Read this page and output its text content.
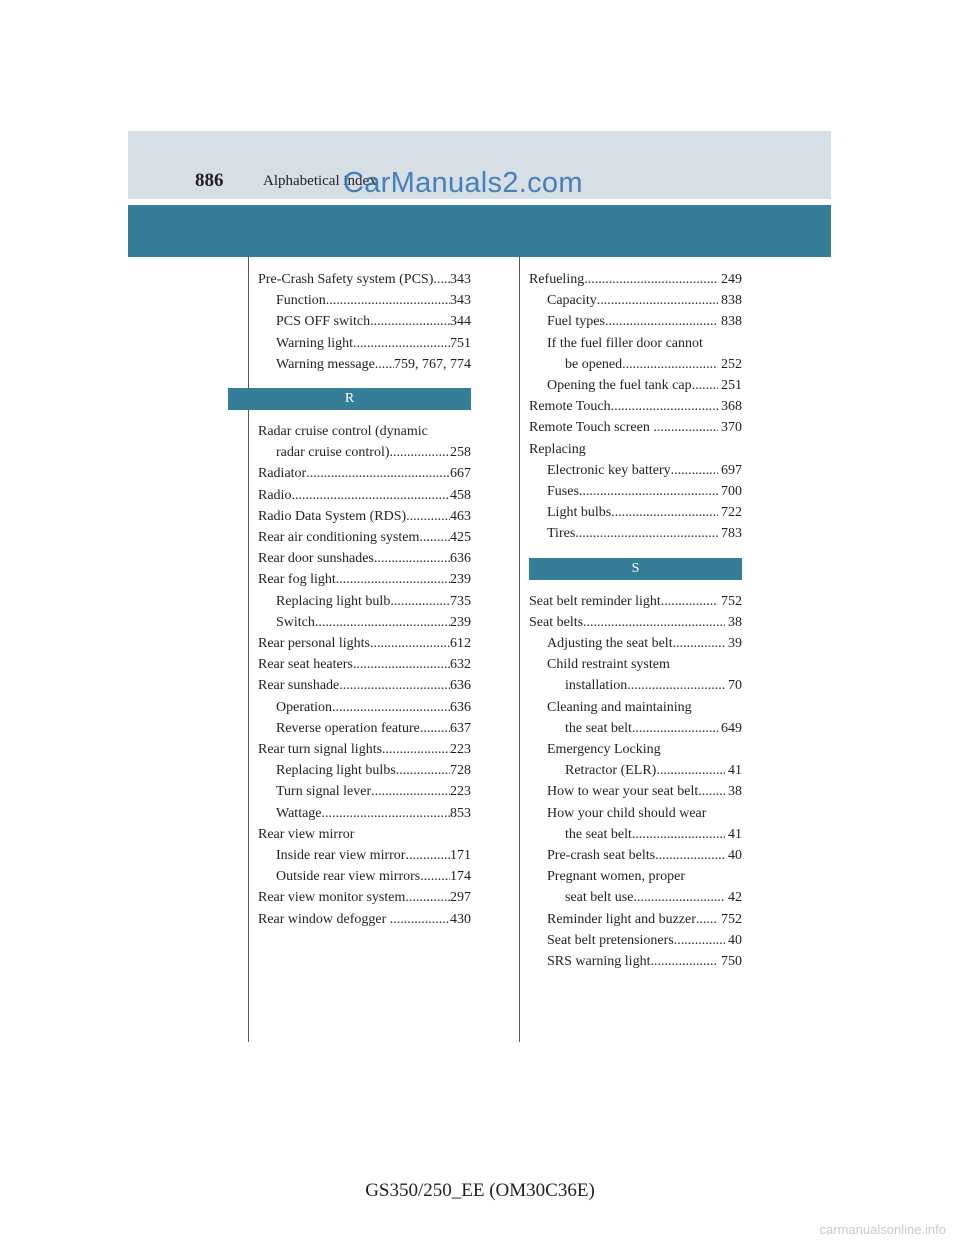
886	Alphabetical index
CarManuals2.com
Pre-Crash Safety system (PCS) ..... 343
Function .....	343
PCS OFF switch .....	344
Warning light .....	751
Warning message ..... 759, 767, 774
R
Radar cruise control (dynamic
radar cruise control) .....	258
Radiator .....	667
Radio .....	458
Radio Data System (RDS) .....	463
Rear air conditioning system ..... 425
Rear door sunshades .....	636
Rear fog light .....	239
Replacing light bulb .....	735
Switch .....	239
Rear personal lights .....	612
Rear seat heaters .....	632
Rear sunshade .....	636
Operation .....	636
Reverse operation feature ..... 637
Rear turn signal lights .....	223
Replacing light bulbs .....	728
Turn signal lever .....	223
Wattage .....	853
Rear view mirror
Inside rear view mirror .....	171
Outside rear view mirrors ..... 174
Rear view monitor system .....	297
Rear window defogger .....	430
Refueling .....	249
Capacity .....	838
Fuel types .....	838
If the fuel filler door cannot
be opened .....	252
Opening the fuel tank cap ..... 251
Remote Touch .....	368
Remote Touch screen .....	370
Replacing
Electronic key battery .....	697
Fuses .....	700
Light bulbs .....	722
Tires .....	783
S
Seat belt reminder light .....	752
Seat belts .....	38
Adjusting the seat belt .....	39
Child restraint system
installation .....	70
Cleaning and maintaining
the seat belt .....	649
Emergency Locking
Retractor (ELR) .....	41
How to wear your seat belt ..... 38
How your child should wear
the seat belt .....	41
Pre-crash seat belts .....	40
Pregnant women, proper
seat belt use .....	42
Reminder light and buzzer ..... 752
Seat belt pretensioners .....	40
SRS warning light .....	750
GS350/250_EE (OM30C36E)
carmanualsonline.info
